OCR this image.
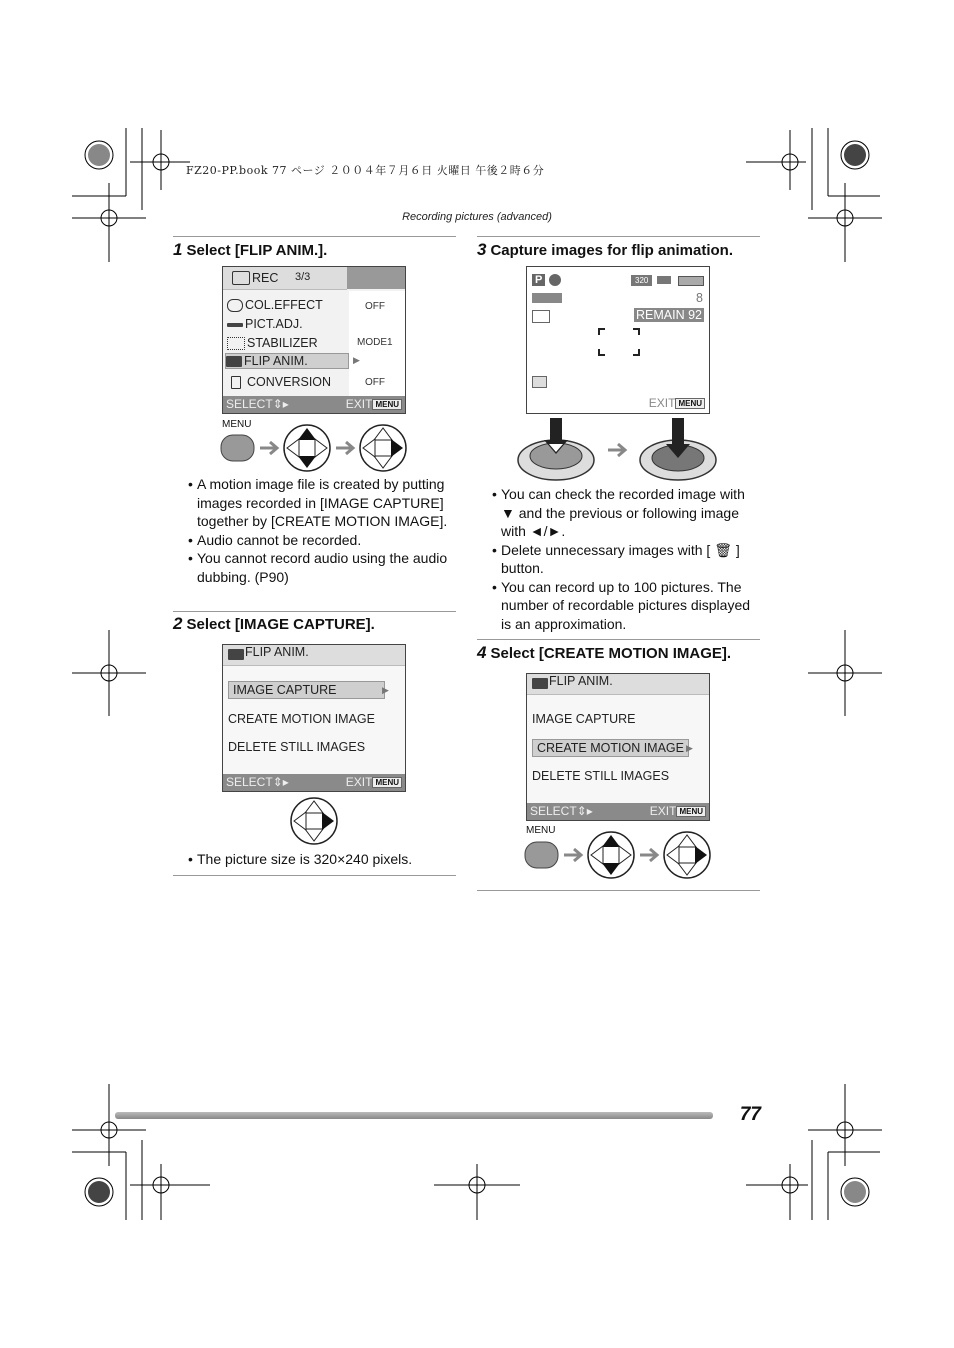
FZ20-PP.book 77 ページ ２００４年７月６日 火曜日 午後２時６分
Recording pictures (advanced)
1 Select [FLIP ANIM.].
REC 3/3
COL.EFFECT	OFF
PICT.ADJ.
STABILIZER	MODE1
FLIP ANIM.	▶
CONVERSION	OFF
SELECT⇕▸	EXIT MENU
MENU
• A motion image file is created by putting images recorded in [IMAGE CAPTURE] together by [CREATE MOTION IMAGE].
• Audio cannot be recorded.
• You cannot record audio using the audio dubbing. (P90)
2 Select [IMAGE CAPTURE].
FLIP ANIM.
IMAGE CAPTURE	▶
CREATE MOTION IMAGE
DELETE STILL IMAGES
SELECT⇕▸	EXIT MENU
• The picture size is 320×240 pixels.
3 Capture images for flip animation.
P	320
8
REMAIN 92
EXIT MENU
• You can check the recorded image with ▼ and the previous or following image with ◄/►.
• Delete unnecessary images with [ 🗑 ] button.
• You can record up to 100 pictures. The number of recordable pictures displayed is an approximation.
4 Select [CREATE MOTION IMAGE].
FLIP ANIM.
IMAGE CAPTURE
CREATE MOTION IMAGE ▶
DELETE STILL IMAGES
SELECT⇕▸	EXIT MENU
MENU
77
